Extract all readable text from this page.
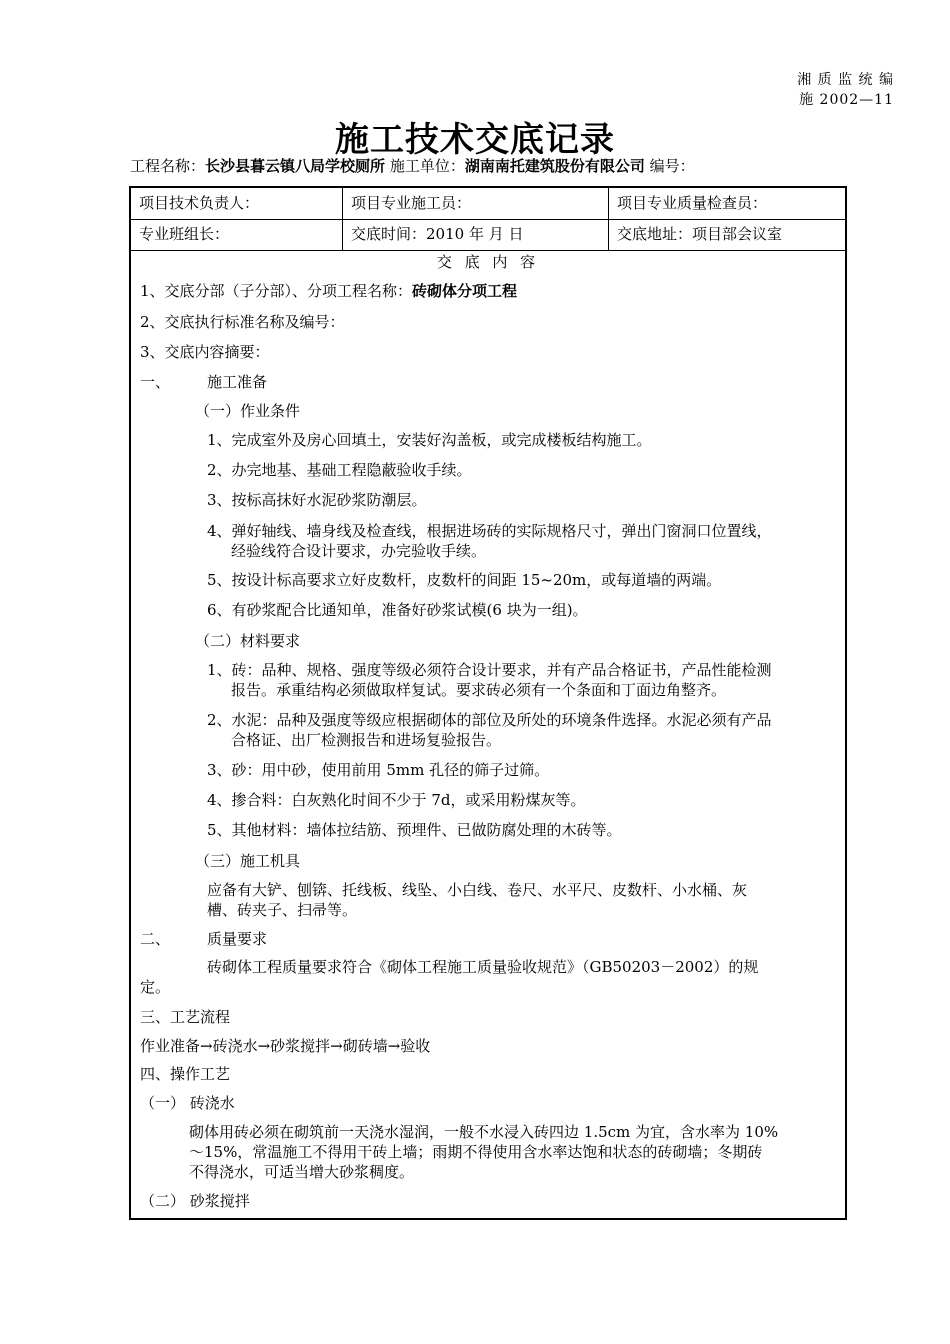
湘 质 监 统 编
施 2002—11
施工技术交底记录
工程名称：长沙县暮云镇八局学校厕所 施工单位：湖南南托建筑股份有限公司 编号：
项目技术负责人：	项目专业施工员：	项目专业质量检查员：
专业班组长：	交底时间：2010 年 月 日	交底地址：项目部会议室
交 底 内 容
1、交底分部（子分部）、分项工程名称：砖砌体分项工程
2、交底执行标准名称及编号：
3、交底内容摘要：
一、 施工准备
（一）作业条件
1、完成室外及房心回填土，安装好沟盖板，或完成楼板结构施工。
2、办完地基、基础工程隐蔽验收手续。
3、按标高抹好水泥砂浆防潮层。
4、弹好轴线、墙身线及检查线，根据进场砖的实际规格尺寸，弹出门窗洞口位置线，
经验线符合设计要求，办完验收手续。
5、按设计标高要求立好皮数杆，皮数杆的间距 15~20m，或每道墙的两端。
6、有砂浆配合比通知单，准备好砂浆试模(6 块为一组)。
（二）材料要求
1、砖：品种、规格、强度等级必须符合设计要求，并有产品合格证书，产品性能检测
报告。承重结构必须做取样复试。要求砖必须有一个条面和丁面边角整齐。
2、水泥：品种及强度等级应根据砌体的部位及所处的环境条件选择。水泥必须有产品
合格证、出厂检测报告和进场复验报告。
3、砂：用中砂，使用前用 5mm 孔径的筛子过筛。
4、掺合料：白灰熟化时间不少于 7d，或采用粉煤灰等。
5、其他材料：墙体拉结筋、预埋件、已做防腐处理的木砖等。
（三）施工机具
应备有大铲、刨锛、托线板、线坠、小白线、卷尺、水平尺、皮数杆、小水桶、灰
槽、砖夹子、扫帚等。
二、 质量要求
砖砌体工程质量要求符合《砌体工程施工质量验收规范》（GB50203－2002）的规
定。
三、工艺流程
作业准备→砖浇水→砂浆搅拌→砌砖墙→验收
四、操作工艺
（一） 砖浇水
砌体用砖必须在砌筑前一天浇水湿润，一般不水浸入砖四边 1.5cm 为宜，含水率为 10%
～15%，常温施工不得用干砖上墙；雨期不得使用含水率达饱和状态的砖砌墙；冬期砖
不得浇水，可适当增大砂浆稠度。
（二） 砂浆搅拌
